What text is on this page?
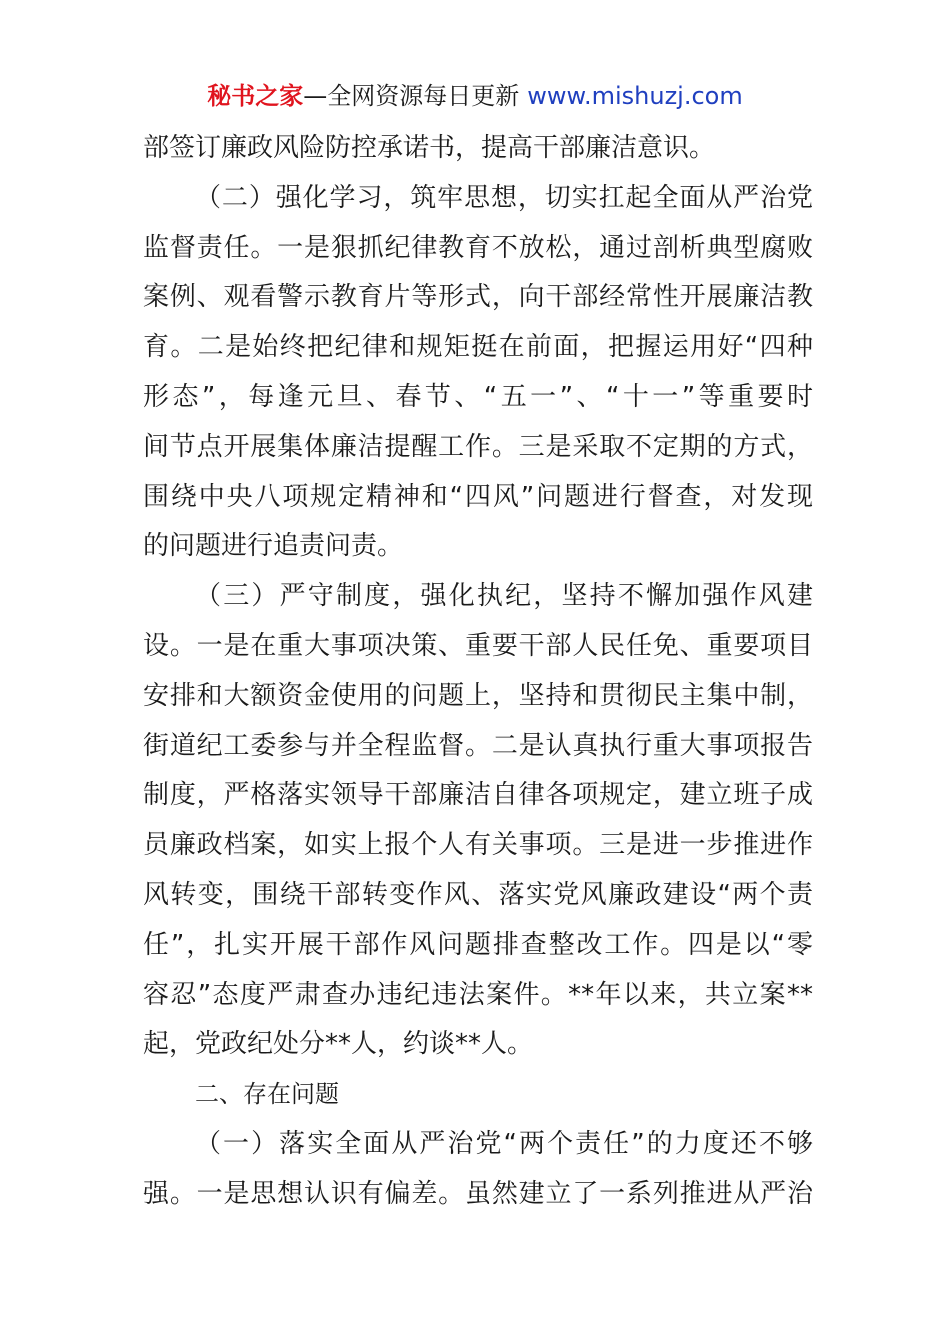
秘书之家—全网资源每日更新 www.mishuzj.com
部签订廉政风险防控承诺书，提高干部廉洁意识。
（二）强化学习，筑牢思想，切实扛起全面从严治党
监督责任。一是狠抓纪律教育不放松，通过剖析典型腐败
案例、观看警示教育片等形式，向干部经常性开展廉洁教
育。二是始终把纪律和规矩挺在前面，把握运用好“四种
形态”，每逢元旦、春节、“五一”、“十一”等重要时
间节点开展集体廉洁提醒工作。三是采取不定期的方式，
围绕中央八项规定精神和“四风”问题进行督查，对发现
的问题进行追责问责。
（三）严守制度，强化执纪，坚持不懈加强作风建
设。一是在重大事项决策、重要干部人民任免、重要项目
安排和大额资金使用的问题上，坚持和贯彻民主集中制，
街道纪工委参与并全程监督。二是认真执行重大事项报告
制度，严格落实领导干部廉洁自律各项规定，建立班子成
员廉政档案，如实上报个人有关事项。三是进一步推进作
风转变，围绕干部转变作风、落实党风廉政建设“两个责
任”，扎实开展干部作风问题排查整改工作。四是以“零
容忍”态度严肃查办违纪违法案件。**年以来，共立案**
起，党政纪处分**人，约谈**人。
二、存在问题
（一）落实全面从严治党“两个责任”的力度还不够
强。一是思想认识有偏差。虽然建立了一系列推进从严治
